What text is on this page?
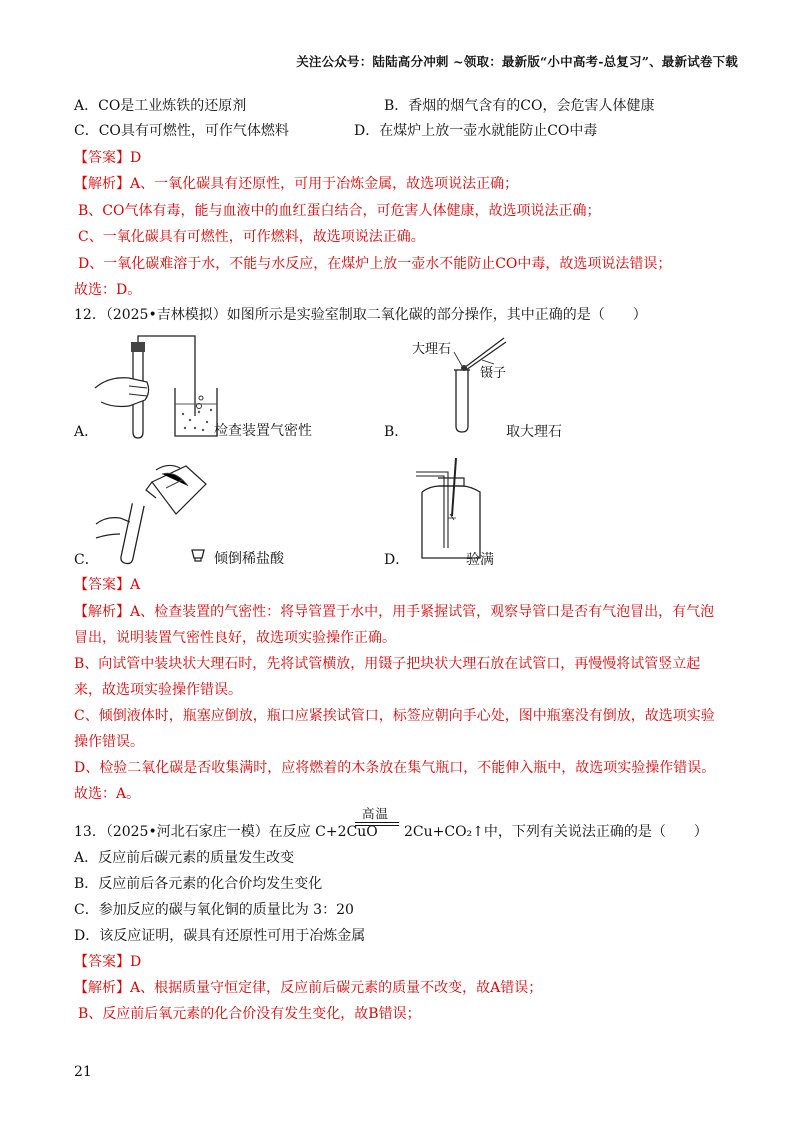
关注公众号：陆陆高分冲刺 ~领取：最新版“小中高考-总复习”、最新试卷下载
A．CO是工业炼铁的还原剂	B．香烟的烟气含有的CO，会危害人体健康
C．CO具有可燃性，可作气体燃料	D．在煤炉上放一壶水就能防止CO中毒
【答案】D
【解析】A、一氧化碳具有还原性，可用于冶炼金属，故选项说法正确；
B、CO气体有毒，能与血液中的血红蛋白结合，可危害人体健康，故选项说法正确；
C、一氧化碳具有可燃性，可作燃料，故选项说法正确。
D、一氧化碳难溶于水，不能与水反应，在煤炉上放一壶水不能防止CO中毒，故选项说法错误；
故选：D。
12．（2025•吉林模拟）如图所示是实验室制取二氧化碳的部分操作，其中正确的是（　　）
A．	检查装置气密性
大理石
镊子
B．	取大理石
C．	倾倒稀盐酸	D．	验满
【答案】A
【解析】A、检查装置的气密性：将导管置于水中，用手紧握试管，观察导管口是否有气泡冒出，有气泡
冒出，说明装置气密性良好，故选项实验操作正确。
B、向试管中装块状大理石时，先将试管横放，用镊子把块状大理石放在试管口，再慢慢将试管竖立起
来，故选项实验操作错误。
C、倾倒液体时，瓶塞应倒放，瓶口应紧挨试管口，标签应朝向手心处，图中瓶塞没有倒放，故选项实验
操作错误。
D、检验二氧化碳是否收集满时，应将燃着的木条放在集气瓶口，不能伸入瓶中，故选项实验操作错误。
故选：A。
高温
13．（2025•河北石家庄一模）在反应 C+2CuO 2Cu+CO₂↑中，下列有关说法正确的是（　　）
A．反应前后碳元素的质量发生改变
B．反应前后各元素的化合价均发生变化
C．参加反应的碳与氧化铜的质量比为 3：20
D．该反应证明，碳具有还原性可用于冶炼金属
【答案】D
【解析】A、根据质量守恒定律，反应前后碳元素的质量不改变，故A错误；
B、反应前后氧元素的化合价没有发生变化，故B错误；
21
